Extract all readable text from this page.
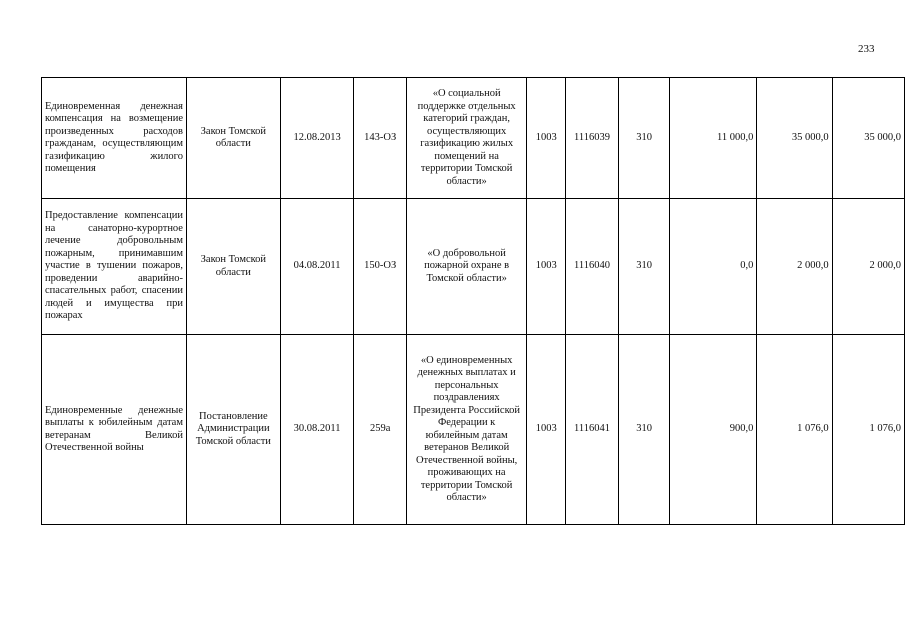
233
Единовременная денежная компенсация на возмещение произведенных расходов гражданам, осуществляющим газификацию жилого помещения	Закон Томской области	12.08.2013	143-ОЗ	«О социальной поддержке отдельных категорий граждан, осуществляющих газификацию жилых помещений на территории Томской области»	1003	1116039	310	11 000,0	35 000,0	35 000,0
Предоставление компенсации на санаторно-курортное лечение добровольным пожарным, принимавшим участие в тушении пожаров, проведении аварийно-спасательных работ, спасении людей и имущества при пожарах	Закон Томской области	04.08.2011	150-ОЗ	«О добровольной пожарной охране в Томской области»	1003	1116040	310	0,0	2 000,0	2 000,0
Единовременные денежные выплаты к юбилейным датам ветеранам Великой Отечественной войны	Постановление Администрации Томской области	30.08.2011	259а	«О единовременных денежных выплатах и персональных поздравлениях Президента Российской Федерации к юбилейным датам ветеранов Великой Отечественной войны, проживающих на территории Томской области»	1003	1116041	310	900,0	1 076,0	1 076,0
